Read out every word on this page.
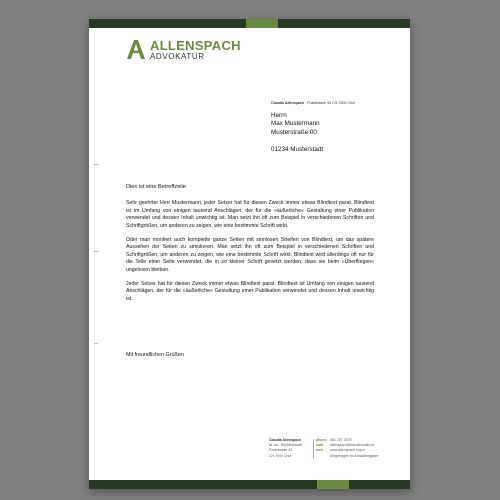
ALLENSPACH
ADVOKATUR
Claudia Allenspach · Poststrasse 43 CH-7000 Chur
Herrn
Max Mustermann
Musterstraße 00
01234 Musterstadt
Dies ist eine Betreffzeile

Sehr geehrter Herr Mustermann, jeder Setzer hat für diesen Zweck immer etwas Blindtext parat. Blindtext ist im Umfang von einigen tausend Anschlägen, der für die »äußerliche« Gestaltung einer Publikation verwendet und dessen Inhalt unwichtig ist. Man setzt ihn oft zum Beispiel in verschiedenen Schriften und Schriftgrößen, um anderen zu zeigen, wie eine bestimmte Schrift wirkt.

Oder man montiert auch komplette ganze Seiten mit sinnlosen Streifen von Blindtext, um das spätere Aussehen der Seiten zu simulieren. Man setzt ihn oft zum Beispiel in verschiedenen Schriften und Schriftgrößen, um anderen zu zeigen, wie eine bestimmte Schrift wirkt. Blindtext wird allerdings oft nur für die Teile einer Seite verwendet, die in so kleiner Schrift gesetzt werden, dass sie beim »Überfliegen« ungelesen bleiben.

Jeder Setzer hat für diesen Zweck immer etwas Blindtext parat. Blindtext ist Umfang von einigen tausend Anschlägen, der für die »äußerliche« Gestaltung einer Publikation verwendet und dessen Inhalt unwichtig ist.

Mit freundlichen Grüßen
Claudia Allenspach
lic. iur., Rechtsanwalt
Poststrasse 43
CH-7000 Chur
phone
mail
web
081 257 25 87
allenspach@iba-advocati.ch
www.allenspach.org/ur
Eingetragen im Anwaltsregister
